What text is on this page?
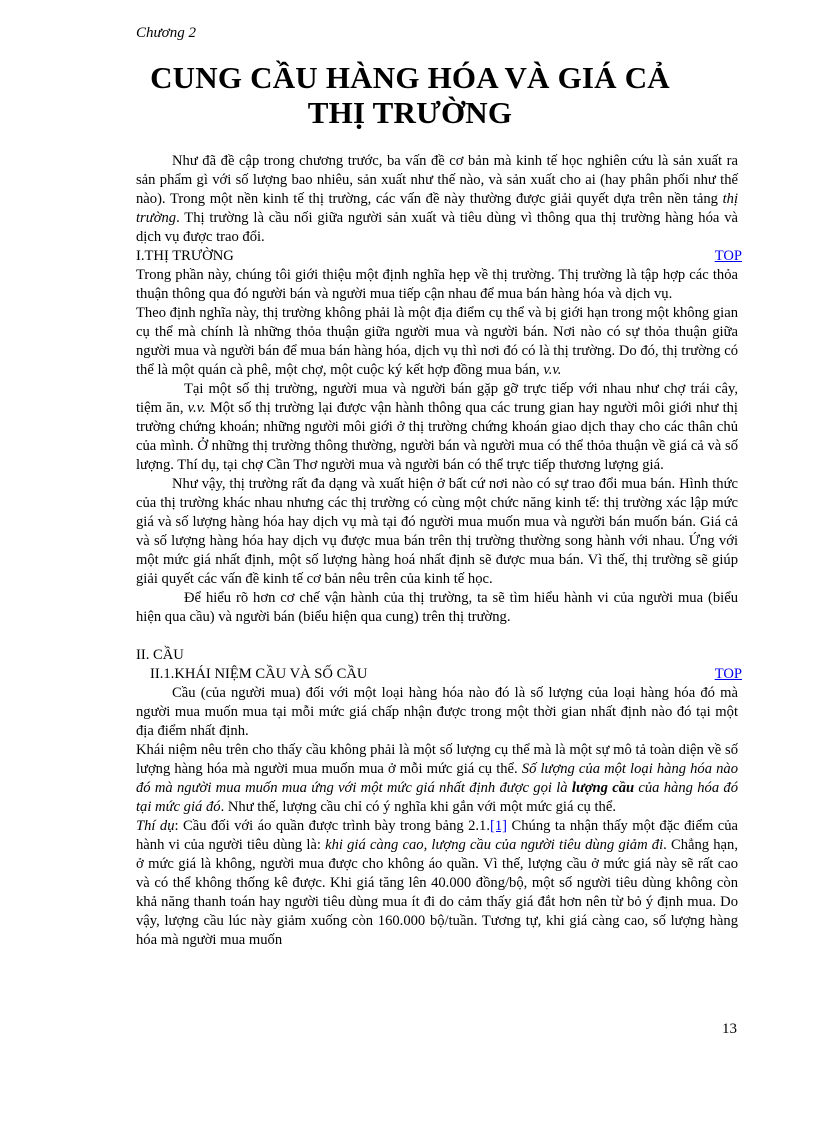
Chương 2
CUNG CẦU HÀNG HÓA VÀ GIÁ CẢ
THỊ TRƯỜNG

Như đã đề cập trong chương trước, ba vấn đề cơ bản mà kinh tế học nghiên cứu là sản xuất ra sản phẩm gì với số lượng bao nhiêu, sản xuất như thế nào, và sản xuất cho ai (hay phân phối như thế nào). Trong một nền kinh tế thị trường, các vấn đề này thường được giải quyết dựa trên nền tảng thị trường. Thị trường là cầu nối giữa người sản xuất và tiêu dùng vì thông qua thị trường hàng hóa và dịch vụ được trao đổi.

I.THỊ TRƯỜNG	TOP

Trong phần này, chúng tôi giới thiệu một định nghĩa hẹp về thị trường. Thị trường là tập hợp các thỏa thuận thông qua đó người bán và người mua tiếp cận nhau để mua bán hàng hóa và dịch vụ.

Theo định nghĩa này, thị trường không phải là một địa điểm cụ thể và bị giới hạn trong một không gian cụ thể mà chính là những thỏa thuận giữa người mua và người bán. Nơi nào có sự thỏa thuận giữa người mua và người bán để mua bán hàng hóa, dịch vụ thì nơi đó có là thị trường. Do đó, thị trường có thể là một quán cà phê, một chợ, một cuộc ký kết hợp đồng mua bán, v.v.

Tại một số thị trường, người mua và người bán gặp gỡ trực tiếp với nhau như chợ trái cây, tiệm ăn, v.v. Một số thị trường lại được vận hành thông qua các trung gian hay người môi giới như thị trường chứng khoán; những người môi giới ở thị trường chứng khoán giao dịch thay cho các thân chủ của mình. Ở những thị trường thông thường, người bán và người mua có thể thỏa thuận về giá cả và số lượng. Thí dụ, tại chợ Cần Thơ người mua và người bán có thể trực tiếp thương lượng giá.

Như vậy, thị trường rất đa dạng và xuất hiện ở bất cứ nơi nào có sự trao đổi mua bán. Hình thức của thị trường khác nhau nhưng các thị trường có cùng một chức năng kinh tế: thị trường xác lập mức giá và số lượng hàng hóa hay dịch vụ mà tại đó người mua muốn mua và người bán muốn bán. Giá cả và số lượng hàng hóa hay dịch vụ được mua bán trên thị trường thường song hành với nhau. Ứng với một mức giá nhất định, một số lượng hàng hoá nhất định sẽ được mua bán. Vì thế, thị trường sẽ giúp giải quyết các vấn đề kinh tế cơ bản nêu trên của kinh tế học.

Để hiểu rõ hơn cơ chế vận hành của thị trường, ta sẽ tìm hiểu hành vi của người mua (biểu hiện qua cầu) và người bán (biểu hiện qua cung) trên thị trường.

II. CẦU
II.1.KHÁI NIỆM CẦU VÀ SỐ CẦU	TOP

Cầu (của người mua) đối với một loại hàng hóa nào đó là số lượng của loại hàng hóa đó mà người mua muốn mua tại mỗi mức giá chấp nhận được trong một thời gian nhất định nào đó tại một địa điểm nhất định.

Khái niệm nêu trên cho thấy cầu không phải là một số lượng cụ thể mà là một sự mô tả toàn diện về số lượng hàng hóa mà người mua muốn mua ở mỗi mức giá cụ thể. Số lượng của một loại hàng hóa nào đó mà người mua muốn mua ứng với một mức giá nhất định được gọi là lượng cầu của hàng hóa đó tại mức giá đó. Như thế, lượng cầu chỉ có ý nghĩa khi gắn với một mức giá cụ thể.

Thí dụ: Cầu đối với áo quần được trình bày trong bảng 2.1.[1] Chúng ta nhận thấy một đặc điểm của hành vi của người tiêu dùng là: khi giá càng cao, lượng cầu của người tiêu dùng giảm đi. Chẳng hạn, ở mức giá là không, người mua được cho không áo quần. Vì thế, lượng cầu ở mức giá này sẽ rất cao và có thể không thống kê được. Khi giá tăng lên 40.000 đồng/bộ, một số người tiêu dùng không còn khả năng thanh toán hay người tiêu dùng mua ít đi do cảm thấy giá đắt hơn nên từ bỏ ý định mua. Do vậy, lượng cầu lúc này giảm xuống còn 160.000 bộ/tuần. Tương tự, khi giá càng cao, số lượng hàng hóa mà người mua muốn

13
